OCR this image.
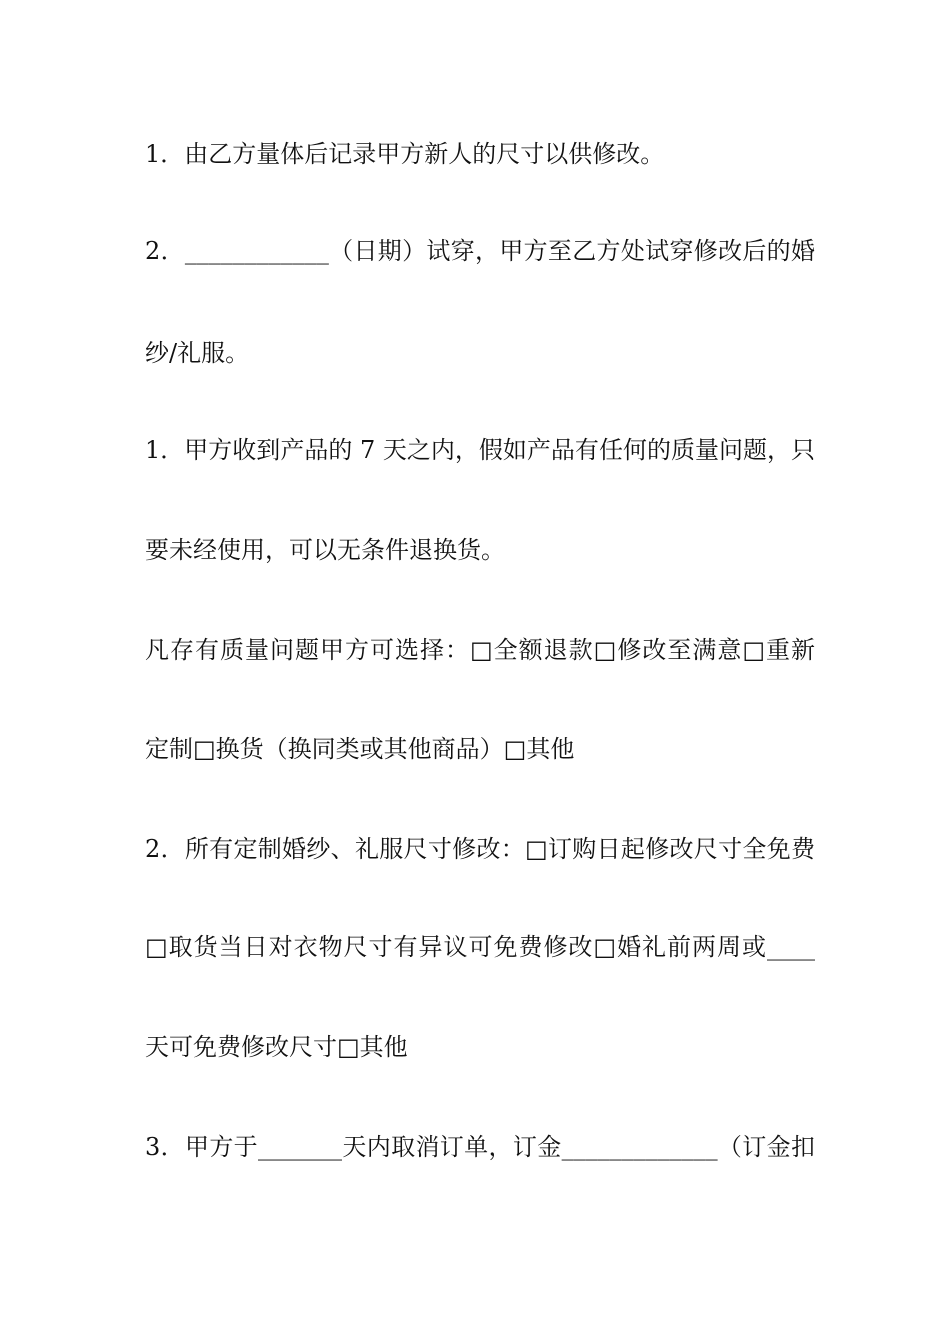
1．由乙方量体后记录甲方新人的尺寸以供修改。
2．____________（日期）试穿，甲方至乙方处试穿修改后的婚
纱/礼服。
1．甲方收到产品的 7 天之内，假如产品有任何的质量问题，只
要未经使用，可以无条件退换货。
凡存有质量问题甲方可选择：□全额退款□修改至满意□重新
定制□换货（换同类或其他商品）□其他
2．所有定制婚纱、礼服尺寸修改：□订购日起修改尺寸全免费
□取货当日对衣物尺寸有异议可免费修改□婚礼前两周或____
天可免费修改尺寸□其他
3．甲方于_______天内取消订单，订金_____________（订金扣
